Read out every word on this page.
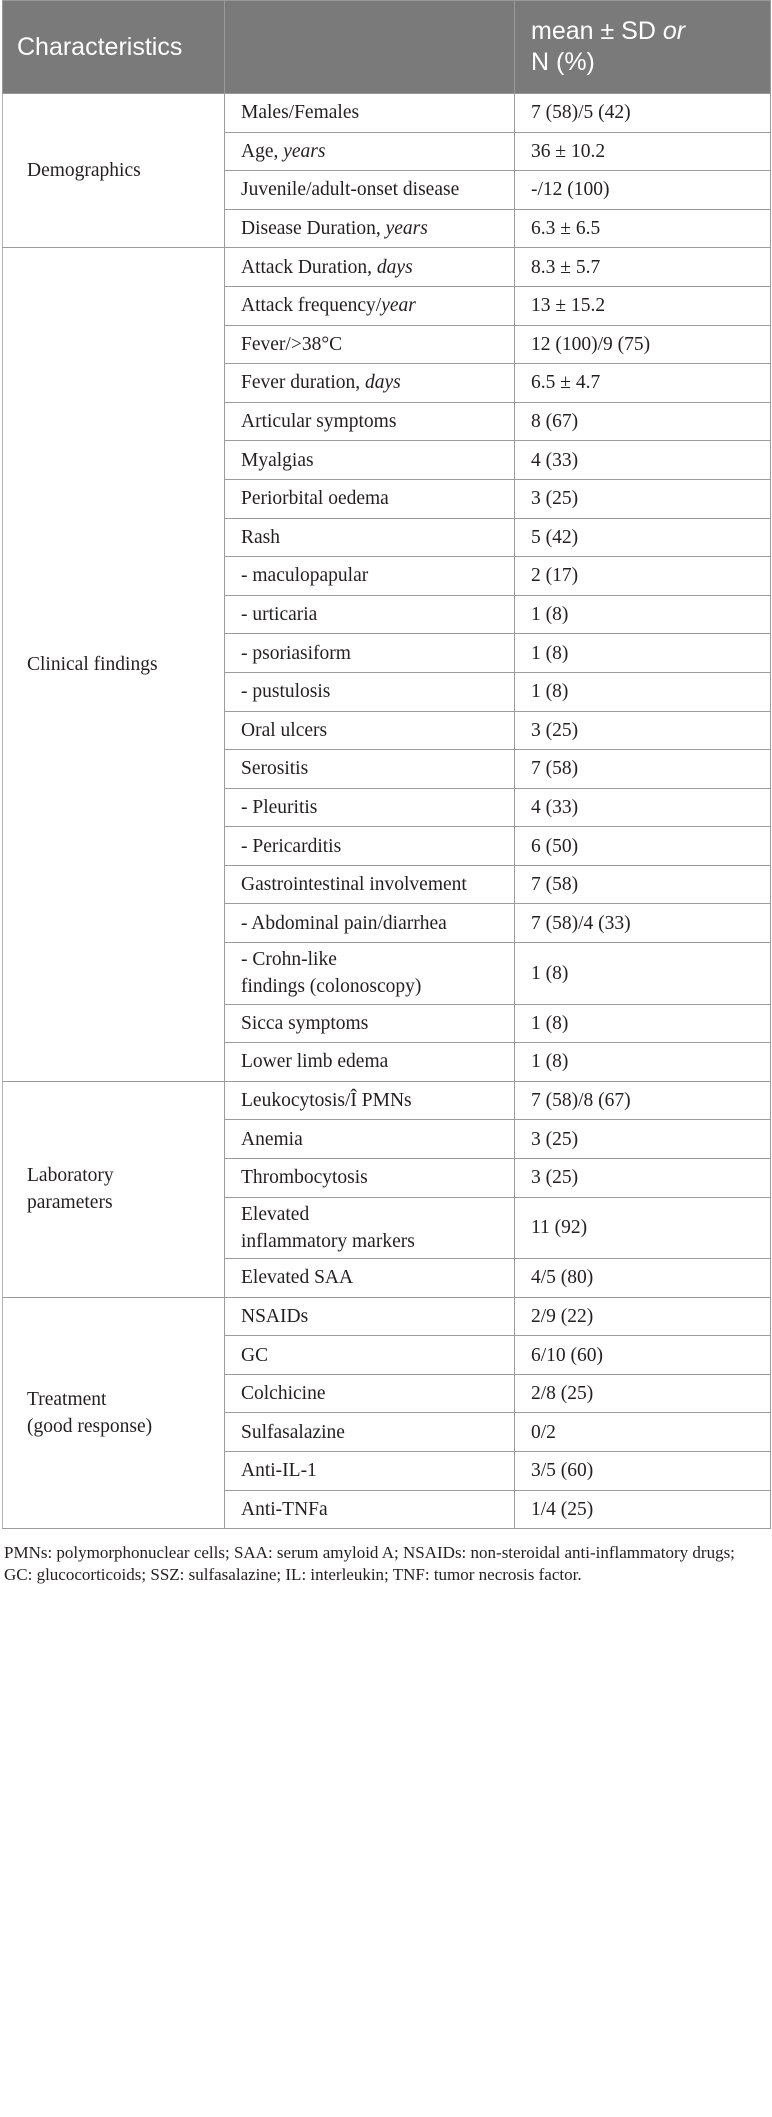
Characteristics		mean ± SD or
N (%)
Demographics	Males/Females	7 (58)/5 (42)
	Age, years	36 ± 10.2
	Juvenile/adult-onset disease	-/12 (100)
	Disease Duration, years	6.3 ± 6.5
Clinical findings	Attack Duration, days	8.3 ± 5.7
	Attack frequency/year	13 ± 15.2
	Fever/>38°C	12 (100)/9 (75)
	Fever duration, days	6.5 ± 4.7
	Articular symptoms	8 (67)
	Myalgias	4 (33)
	Periorbital oedema	3 (25)
	Rash	5 (42)
	- maculopapular	2 (17)
	- urticaria	1 (8)
	- psoriasiform	1 (8)
	- pustulosis	1 (8)
	Oral ulcers	3 (25)
	Serositis	7 (58)
	- Pleuritis	4 (33)
	- Pericarditis	6 (50)
	Gastrointestinal involvement	7 (58)
	- Abdominal pain/diarrhea	7 (58)/4 (33)
	- Crohn-like
findings (colonoscopy)	1 (8)
	Sicca symptoms	1 (8)
	Lower limb edema	1 (8)
Laboratory
parameters	Leukocytosis/Î PMNs	7 (58)/8 (67)
	Anemia	3 (25)
	Thrombocytosis	3 (25)
	Elevated
inflammatory markers	11 (92)
	Elevated SAA	4/5 (80)
Treatment
(good response)	NSAIDs	2/9 (22)
	GC	6/10 (60)
	Colchicine	2/8 (25)
	Sulfasalazine	0/2
	Anti-IL-1	3/5 (60)
	Anti-TNFa	1/4 (25)
PMNs: polymorphonuclear cells; SAA: serum amyloid A; NSAIDs: non-steroidal anti-inflammatory drugs; GC: glucocorticoids; SSZ: sulfasalazine; IL: interleukin; TNF: tumor necrosis factor.
